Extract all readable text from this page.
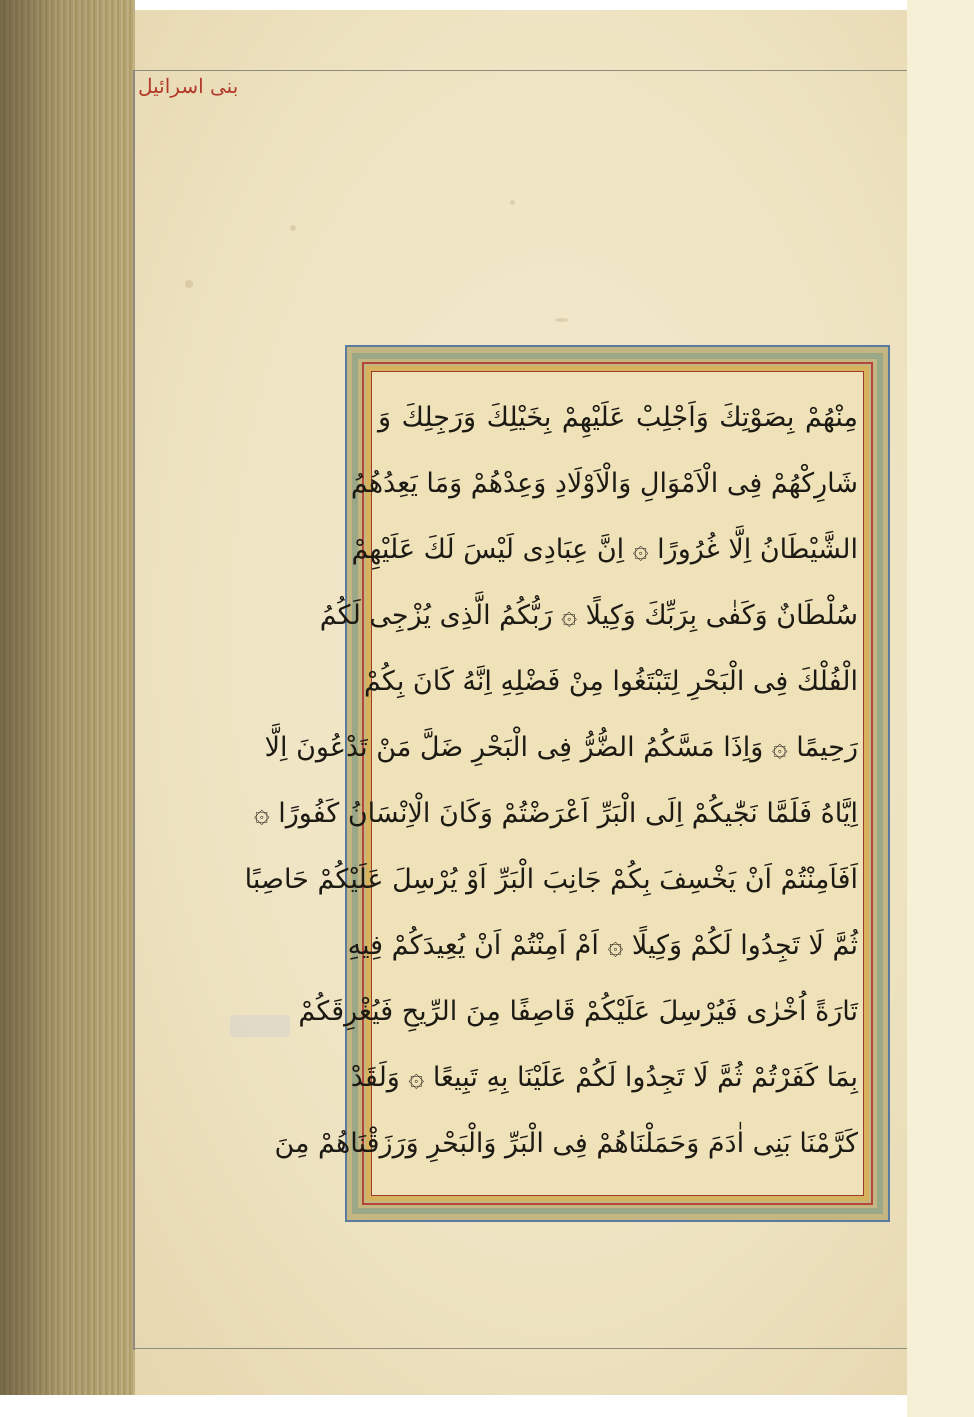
بنی اسرائیل
مِنْهُمْ بِصَوْتِكَ وَاَجْلِبْ عَلَيْهِمْ بِخَيْلِكَ وَرَجِلِكَ وَ
شَارِكْهُمْ فِى الْاَمْوَالِ وَالْاَوْلَادِ وَعِدْهُمْ وَمَا يَعِدُهُمُ
الشَّيْطَانُ اِلَّا غُرُورًا ۞ اِنَّ عِبَادِى لَيْسَ لَكَ عَلَيْهِمْ
سُلْطَانٌ وَكَفٰى بِرَبِّكَ وَكِيلًا ۞ رَبُّكُمُ الَّذِى يُزْجِى لَكُمُ
الْفُلْكَ فِى الْبَحْرِ لِتَبْتَغُوا مِنْ فَضْلِهِ اِنَّهُ كَانَ بِكُمْ
رَحِيمًا ۞ وَاِذَا مَسَّكُمُ الضُّرُّ فِى الْبَحْرِ ضَلَّ مَنْ تَدْعُونَ اِلَّا
اِيَّاهُ فَلَمَّا نَجّٰيكُمْ اِلَى الْبَرِّ اَعْرَضْتُمْ وَكَانَ الْاِنْسَانُ كَفُورًا ۞
اَفَاَمِنْتُمْ اَنْ يَخْسِفَ بِكُمْ جَانِبَ الْبَرِّ اَوْ يُرْسِلَ عَلَيْكُمْ حَاصِبًا
ثُمَّ لَا تَجِدُوا لَكُمْ وَكِيلًا ۞ اَمْ اَمِنْتُمْ اَنْ يُعِيدَكُمْ فِيهِ
تَارَةً اُخْرٰى فَيُرْسِلَ عَلَيْكُمْ قَاصِفًا مِنَ الرِّيحِ فَيُغْرِقَكُمْ
بِمَا كَفَرْتُمْ ثُمَّ لَا تَجِدُوا لَكُمْ عَلَيْنَا بِهِ تَبِيعًا ۞ وَلَقَدْ
كَرَّمْنَا بَنِى اٰدَمَ وَحَمَلْنَاهُمْ فِى الْبَرِّ وَالْبَحْرِ وَرَزَقْنَاهُمْ مِنَ
